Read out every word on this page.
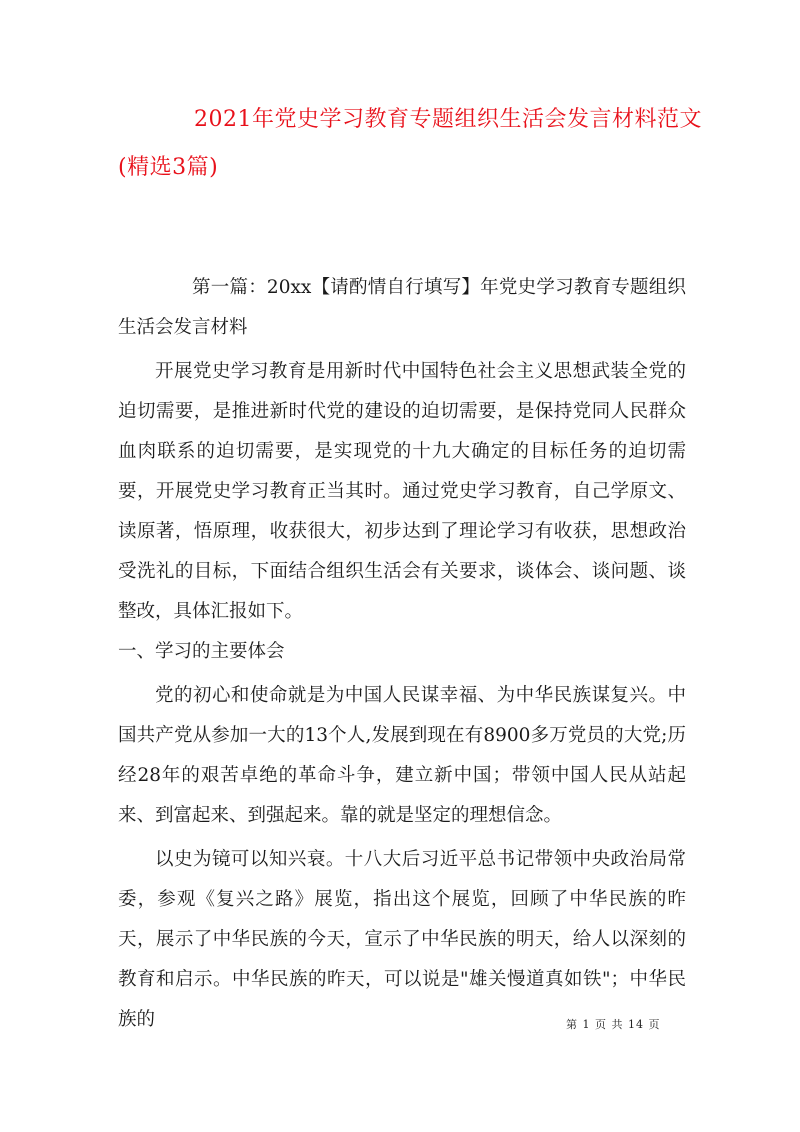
2021年党史学习教育专题组织生活会发言材料范文
(精选3篇)

第一篇：20xx【请酌情自行填写】年党史学习教育专题组织生活会发言材料

开展党史学习教育是用新时代中国特色社会主义思想武装全党的迫切需要，是推进新时代党的建设的迫切需要，是保持党同人民群众血肉联系的迫切需要，是实现党的十九大确定的目标任务的迫切需要，开展党史学习教育正当其时。通过党史学习教育，自己学原文、读原著，悟原理，收获很大，初步达到了理论学习有收获，思想政治受洗礼的目标，下面结合组织生活会有关要求，谈体会、谈问题、谈整改，具体汇报如下。

一、学习的主要体会

党的初心和使命就是为中国人民谋幸福、为中华民族谋复兴。中国共产党从参加一大的13个人,发展到现在有8900多万党员的大党;历经28年的艰苦卓绝的革命斗争，建立新中国；带领中国人民从站起来、到富起来、到强起来。靠的就是坚定的理想信念。

以史为镜可以知兴衰。十八大后习近平总书记带领中央政治局常委，参观《复兴之路》展览，指出这个展览，回顾了中华民族的昨天，展示了中华民族的今天，宣示了中华民族的明天，给人以深刻的教育和启示。中华民族的昨天，可以说是"雄关慢道真如铁"；中华民族的	第 1 页 共 14 页
